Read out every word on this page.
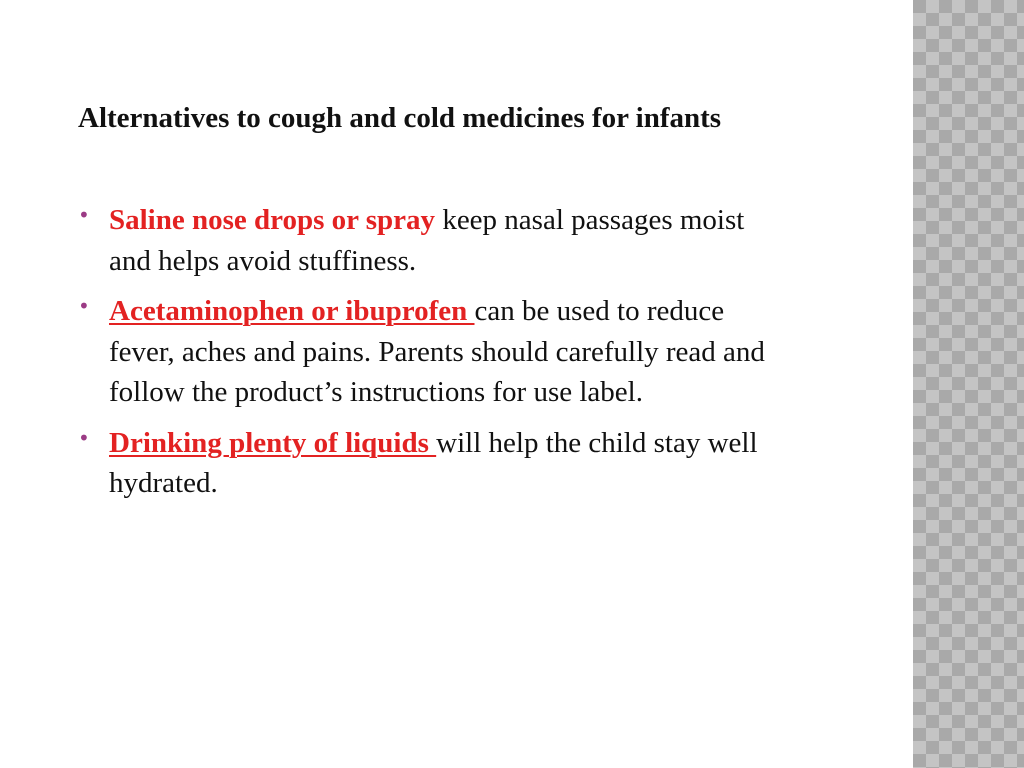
Alternatives to cough and cold medicines for infants
• Saline nose drops or spray keep nasal passages moist and helps avoid stuffiness.
• Acetaminophen or ibuprofen can be used to reduce fever, aches and pains. Parents should carefully read and follow the product’s instructions for use label.
• Drinking plenty of liquids will help the child stay well hydrated.
